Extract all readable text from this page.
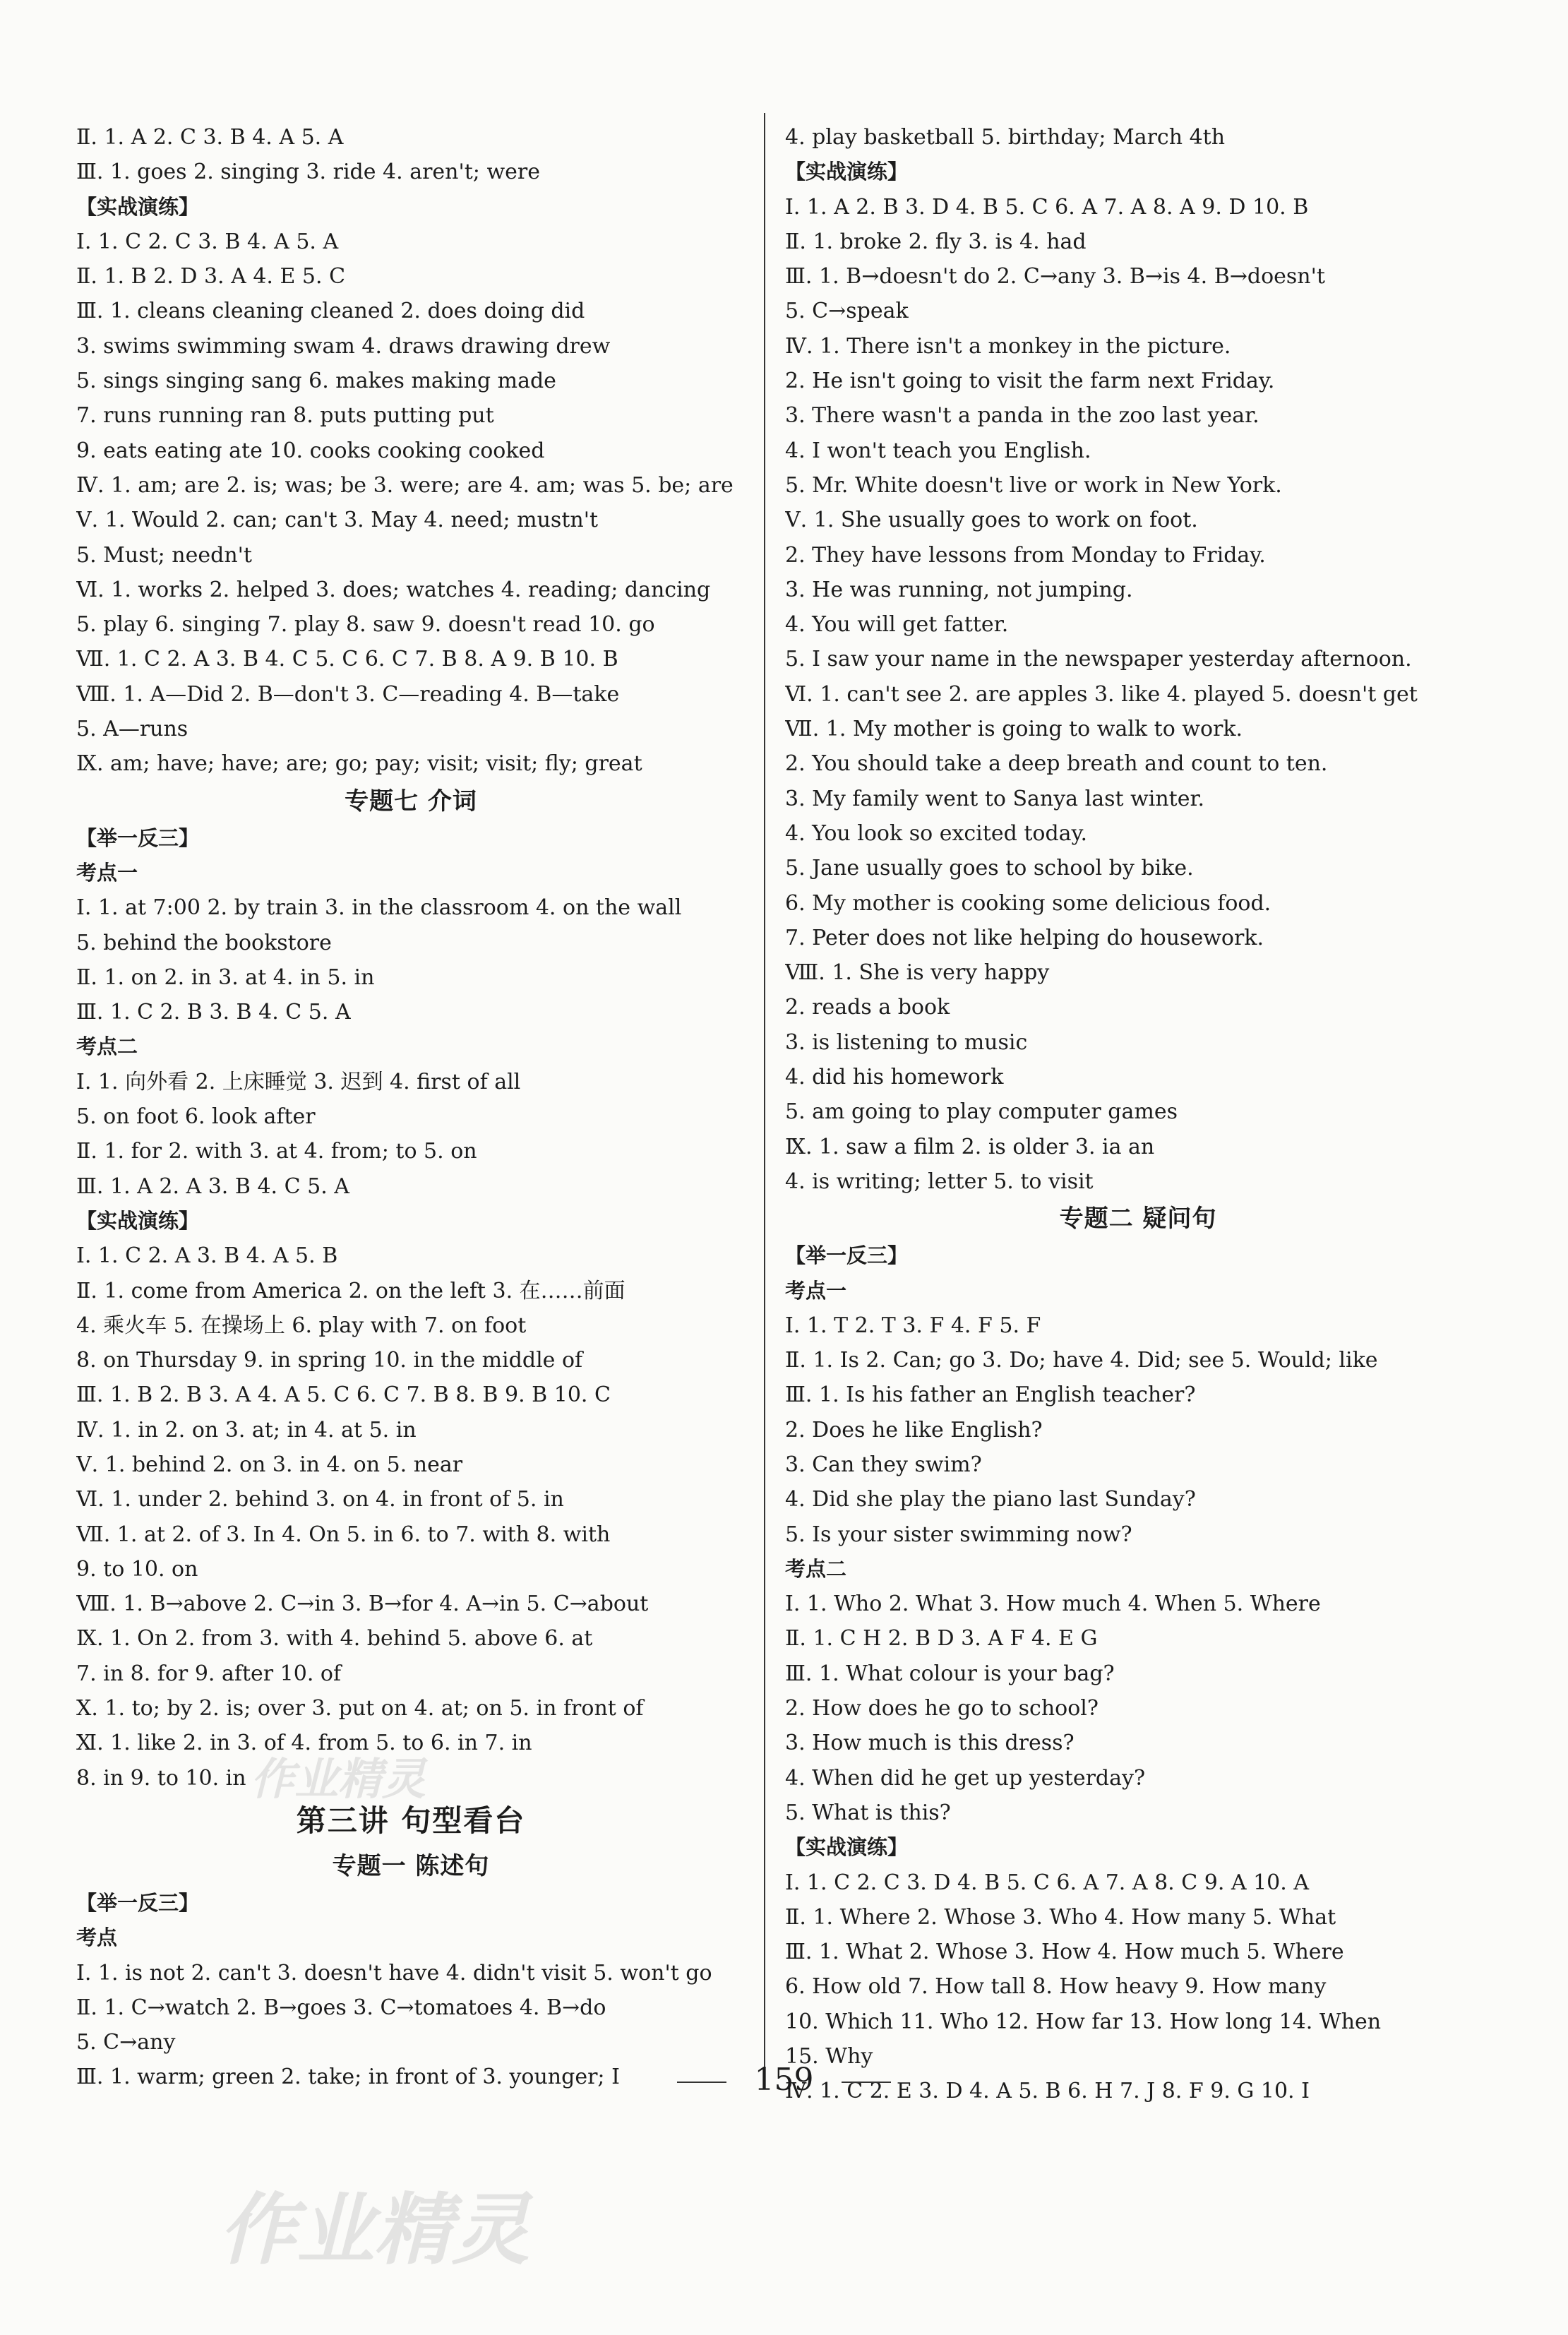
Ⅱ. 1. A 2. C 3. B 4. A 5. A
Ⅲ. 1. goes 2. singing 3. ride 4. aren't; were
【实战演练】
Ⅰ. 1. C 2. C 3. B 4. A 5. A
Ⅱ. 1. B 2. D 3. A 4. E 5. C
Ⅲ. 1. cleans cleaning cleaned 2. does doing did
3. swims swimming swam 4. draws drawing drew
5. sings singing sang 6. makes making made
7. runs running ran 8. puts putting put
9. eats eating ate 10. cooks cooking cooked
Ⅳ. 1. am; are 2. is; was; be 3. were; are 4. am; was 5. be; are
Ⅴ. 1. Would 2. can; can't 3. May 4. need; mustn't
5. Must; needn't
Ⅵ. 1. works 2. helped 3. does; watches 4. reading; dancing
5. play 6. singing 7. play 8. saw 9. doesn't read 10. go
Ⅶ. 1. C 2. A 3. B 4. C 5. C 6. C 7. B 8. A 9. B 10. B
Ⅷ. 1. A—Did 2. B—don't 3. C—reading 4. B—take
5. A—runs
Ⅸ. am; have; have; are; go; pay; visit; visit; fly; great
专题七 介词
【举一反三】
考点一
Ⅰ. 1. at 7:00 2. by train 3. in the classroom 4. on the wall
5. behind the bookstore
Ⅱ. 1. on 2. in 3. at 4. in 5. in
Ⅲ. 1. C 2. B 3. B 4. C 5. A
考点二
Ⅰ. 1. 向外看 2. 上床睡觉 3. 迟到 4. first of all
5. on foot 6. look after
Ⅱ. 1. for 2. with 3. at 4. from; to 5. on
Ⅲ. 1. A 2. A 3. B 4. C 5. A
【实战演练】
Ⅰ. 1. C 2. A 3. B 4. A 5. B
Ⅱ. 1. come from America 2. on the left 3. 在……前面
4. 乘火车 5. 在操场上 6. play with 7. on foot
8. on Thursday 9. in spring 10. in the middle of
Ⅲ. 1. B 2. B 3. A 4. A 5. C 6. C 7. B 8. B 9. B 10. C
Ⅳ. 1. in 2. on 3. at; in 4. at 5. in
Ⅴ. 1. behind 2. on 3. in 4. on 5. near
Ⅵ. 1. under 2. behind 3. on 4. in front of 5. in
Ⅶ. 1. at 2. of 3. In 4. On 5. in 6. to 7. with 8. with
9. to 10. on
Ⅷ. 1. B→above 2. C→in 3. B→for 4. A→in 5. C→about
Ⅸ. 1. On 2. from 3. with 4. behind 5. above 6. at
7. in 8. for 9. after 10. of
Ⅹ. 1. to; by 2. is; over 3. put on 4. at; on 5. in front of
Ⅺ. 1. like 2. in 3. of 4. from 5. to 6. in 7. in
8. in 9. to 10. in
第三讲 句型看台
专题一 陈述句
【举一反三】
考点
Ⅰ. 1. is not 2. can't 3. doesn't have 4. didn't visit 5. won't go
Ⅱ. 1. C→watch 2. B→goes 3. C→tomatoes 4. B→do
5. C→any
Ⅲ. 1. warm; green 2. take; in front of 3. younger; I
4. play basketball 5. birthday; March 4th
【实战演练】
Ⅰ. 1. A 2. B 3. D 4. B 5. C 6. A 7. A 8. A 9. D 10. B
Ⅱ. 1. broke 2. fly 3. is 4. had
Ⅲ. 1. B→doesn't do 2. C→any 3. B→is 4. B→doesn't
5. C→speak
Ⅳ. 1. There isn't a monkey in the picture.
2. He isn't going to visit the farm next Friday.
3. There wasn't a panda in the zoo last year.
4. I won't teach you English.
5. Mr. White doesn't live or work in New York.
Ⅴ. 1. She usually goes to work on foot.
2. They have lessons from Monday to Friday.
3. He was running, not jumping.
4. You will get fatter.
5. I saw your name in the newspaper yesterday afternoon.
Ⅵ. 1. can't see 2. are apples 3. like 4. played 5. doesn't get
Ⅶ. 1. My mother is going to walk to work.
2. You should take a deep breath and count to ten.
3. My family went to Sanya last winter.
4. You look so excited today.
5. Jane usually goes to school by bike.
6. My mother is cooking some delicious food.
7. Peter does not like helping do housework.
Ⅷ. 1. She is very happy
2. reads a book
3. is listening to music
4. did his homework
5. am going to play computer games
Ⅸ. 1. saw a film 2. is older 3. ia an
4. is writing; letter 5. to visit
专题二 疑问句
【举一反三】
考点一
Ⅰ. 1. T 2. T 3. F 4. F 5. F
Ⅱ. 1. Is 2. Can; go 3. Do; have 4. Did; see 5. Would; like
Ⅲ. 1. Is his father an English teacher?
2. Does he like English?
3. Can they swim?
4. Did she play the piano last Sunday?
5. Is your sister swimming now?
考点二
Ⅰ. 1. Who 2. What 3. How much 4. When 5. Where
Ⅱ. 1. C H 2. B D 3. A F 4. E G
Ⅲ. 1. What colour is your bag?
2. How does he go to school?
3. How much is this dress?
4. When did he get up yesterday?
5. What is this?
【实战演练】
Ⅰ. 1. C 2. C 3. D 4. B 5. C 6. A 7. A 8. C 9. A 10. A
Ⅱ. 1. Where 2. Whose 3. Who 4. How many 5. What
Ⅲ. 1. What 2. Whose 3. How 4. How much 5. Where
6. How old 7. How tall 8. How heavy 9. How many
10. Which 11. Who 12. How far 13. How long 14. When
15. Why
Ⅳ. 1. C 2. E 3. D 4. A 5. B 6. H 7. J 8. F 9. G 10. I
159
作业精灵
作业精灵
